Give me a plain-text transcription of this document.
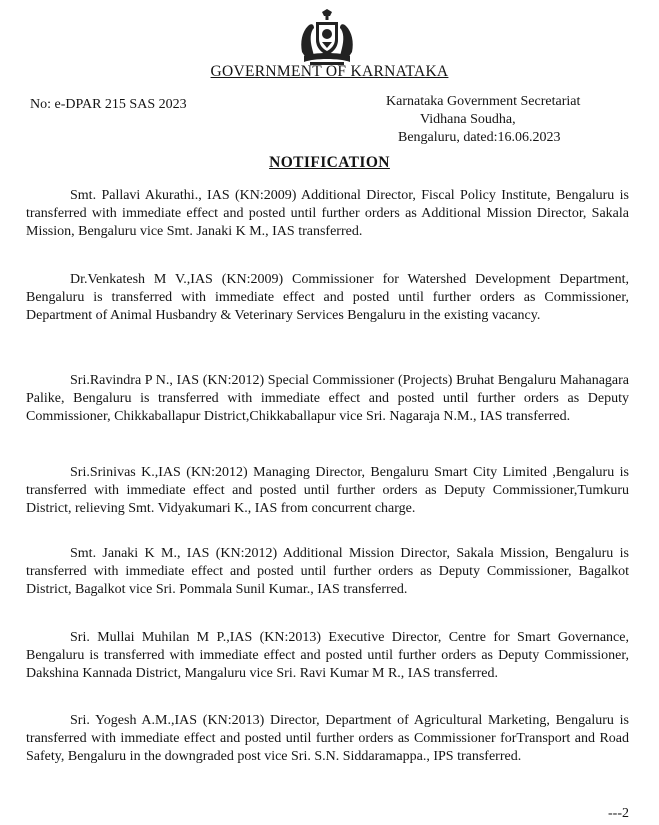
GOVERNMENT OF KARNATAKA
No: e-DPAR 215 SAS 2023	Karnataka Government Secretariat
Vidhana Soudha,
Bengaluru, dated:16.06.2023
NOTIFICATION

Smt. Pallavi Akurathi., IAS (KN:2009) Additional Director, Fiscal Policy Institute, Bengaluru is transferred with immediate effect and posted until further orders as Additional Mission Director, Sakala Mission, Bengaluru vice Smt. Janaki K M., IAS transferred.

Dr.Venkatesh M V.,IAS (KN:2009) Commissioner for Watershed Development Department, Bengaluru is transferred with immediate effect and posted until further orders as Commissioner, Department of Animal Husbandry & Veterinary Services Bengaluru in the existing vacancy.

Sri.Ravindra P N., IAS (KN:2012) Special Commissioner (Projects) Bruhat Bengaluru Mahanagara Palike, Bengaluru is transferred with immediate effect and posted until further orders as Deputy Commissioner, Chikkaballapur District,Chikkaballapur vice Sri. Nagaraja N.M., IAS transferred.

Sri.Srinivas K.,IAS (KN:2012) Managing Director, Bengaluru Smart City Limited ,Bengaluru is transferred with immediate effect and posted until further orders as Deputy Commissioner,Tumkuru District, relieving Smt. Vidyakumari K., IAS from concurrent charge.

Smt. Janaki K M., IAS (KN:2012) Additional Mission Director, Sakala Mission, Bengaluru is transferred with immediate effect and posted until further orders as Deputy Commissioner, Bagalkot District, Bagalkot vice Sri. Pommala Sunil Kumar., IAS transferred.

Sri. Mullai Muhilan M P.,IAS (KN:2013) Executive Director, Centre for Smart Governance, Bengaluru is transferred with immediate effect and posted until further orders as Deputy Commissioner, Dakshina Kannada District, Mangaluru vice Sri. Ravi Kumar M R., IAS transferred.

Sri. Yogesh A.M.,IAS (KN:2013) Director, Department of Agricultural Marketing, Bengaluru is transferred with immediate effect and posted until further orders as Commissioner forTransport and Road Safety, Bengaluru in the downgraded post vice Sri. S.N. Siddaramappa., IPS transferred.

---2
